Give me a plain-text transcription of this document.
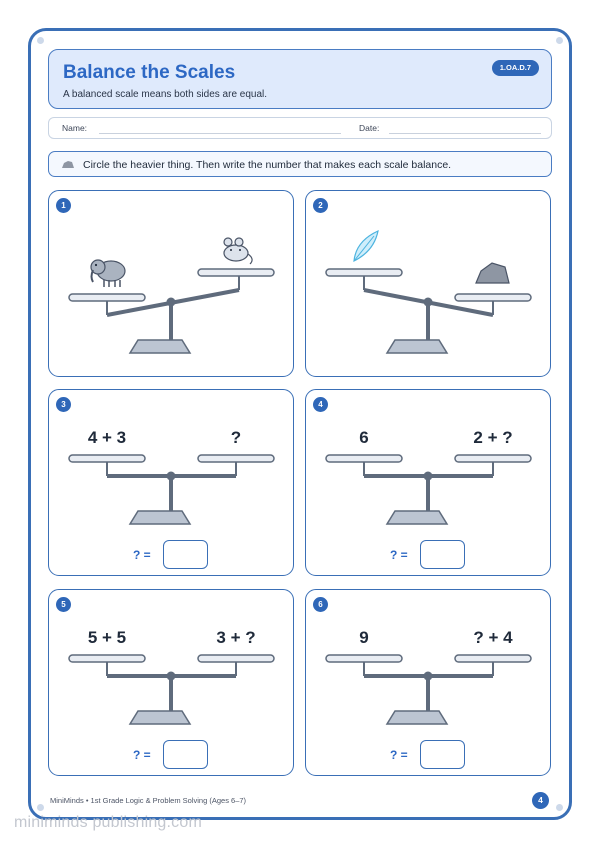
Balance the Scales
A balanced scale means both sides are equal.
1.OA.D.7
Name:	Date:
Circle the heavier thing. Then write the number that makes each scale balance.
1	2
3
4 + 3	?
? =
4
6	2 + ?
? =
5
5 + 5	3 + ?
? =
6
9	? + 4
? =
MiniMinds • 1st Grade Logic & Problem Solving (Ages 6–7)	4
miniminds publishing.com
